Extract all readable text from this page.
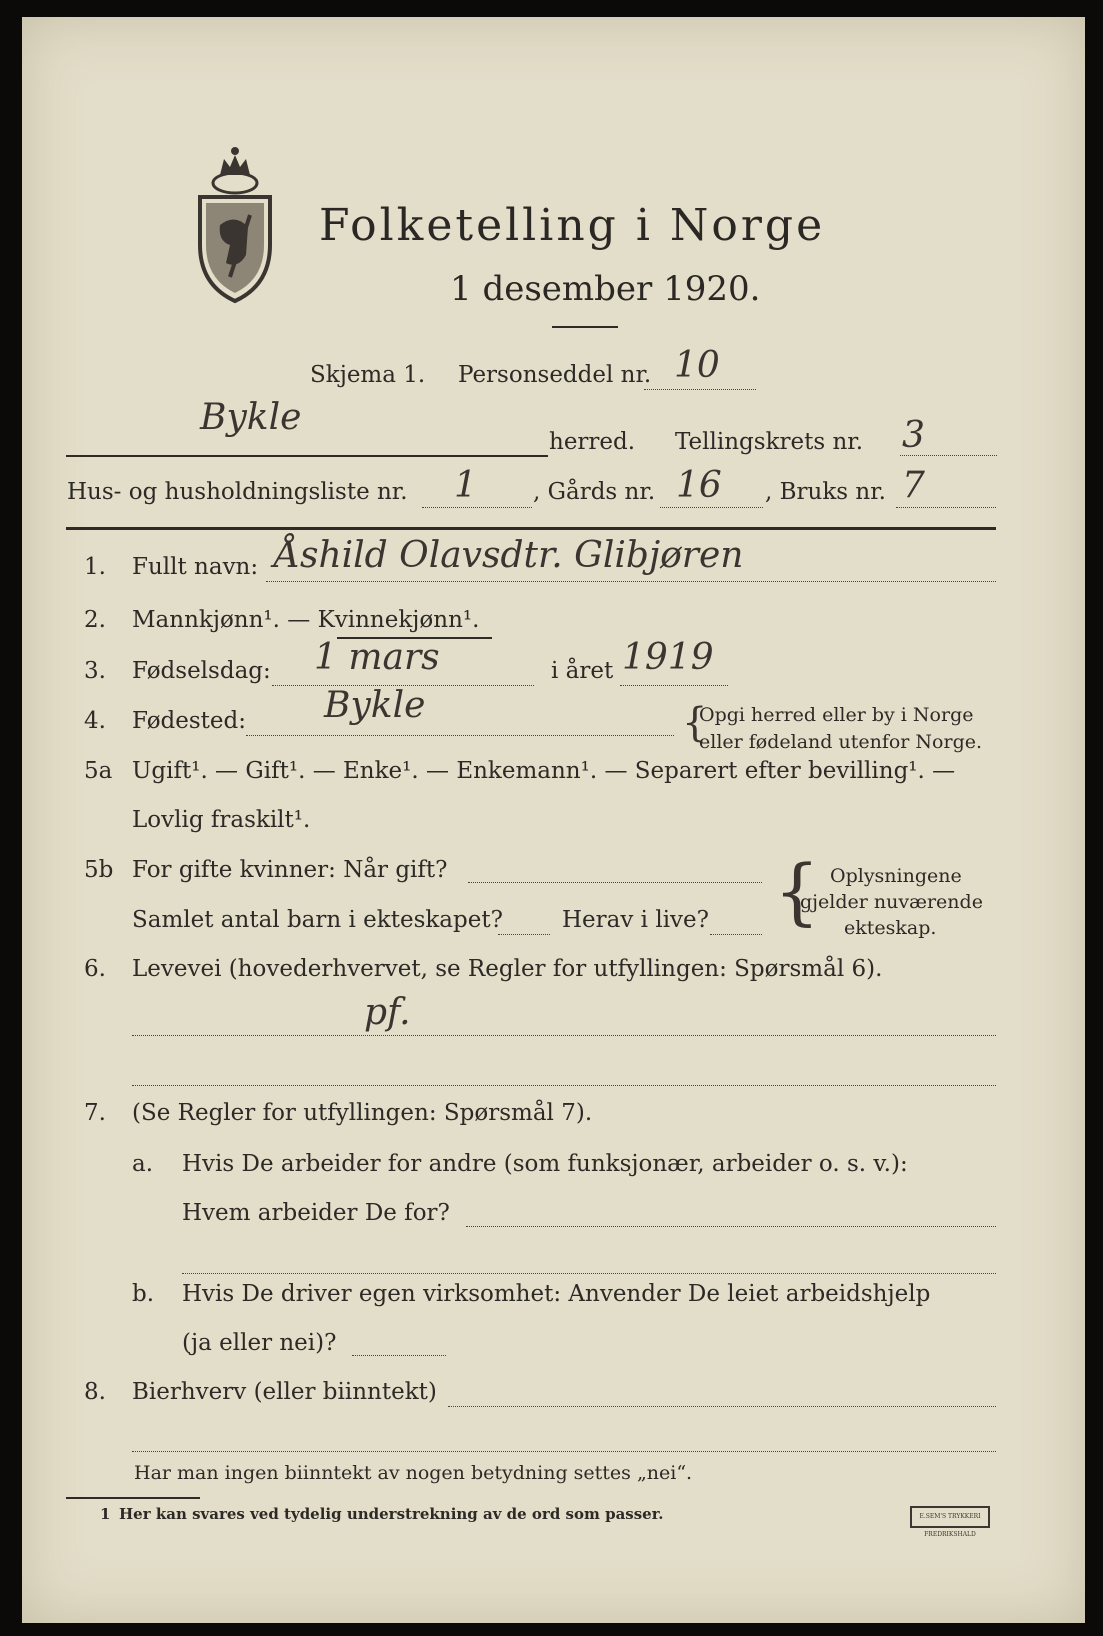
Folketelling i Norge
1 desember 1920.
Skjema 1. Personseddel nr. 10
Bykle
herred. Tellingskrets nr. 3
Hus- og husholdningsliste nr. 1 , Gårds nr. 16 , Bruks nr. 7
1. Fullt navn: Åshild Olavsdtr. Glibjøren
2. Mannkjønn¹. — Kvinnekjønn¹.
3. Fødselsdag: 1 mars	i året 1919
4. Fødested: Bykle	{
Opgi herred eller by i Norge
eller fødeland utenfor Norge.
5a Ugift¹. — Gift¹. — Enke¹. — Enkemann¹. — Separert efter bevilling¹. —
Lovlig fraskilt¹.
5b For gifte kvinner: Når gift?
Samlet antal barn i ekteskapet?	Herav i live? { Oplysningene
gjelder nuværende
ekteskap.
6. Levevei (hovederhvervet, se Regler for utfyllingen: Spørsmål 6).
pf.
7. (Se Regler for utfyllingen: Spørsmål 7).
a. Hvis De arbeider for andre (som funksjonær, arbeider o. s. v.):
Hvem arbeider De for?
b. Hvis De driver egen virksomhet: Anvender De leiet arbeidshjelp
(ja eller nei)?
8. Bierhverv (eller biinntekt)
Har man ingen biinntekt av nogen betydning settes „nei“.
1 Her kan svares ved tydelig understrekning av de ord som passer.	E.SEM'S TRYKKERI FREDRIKSHALD
